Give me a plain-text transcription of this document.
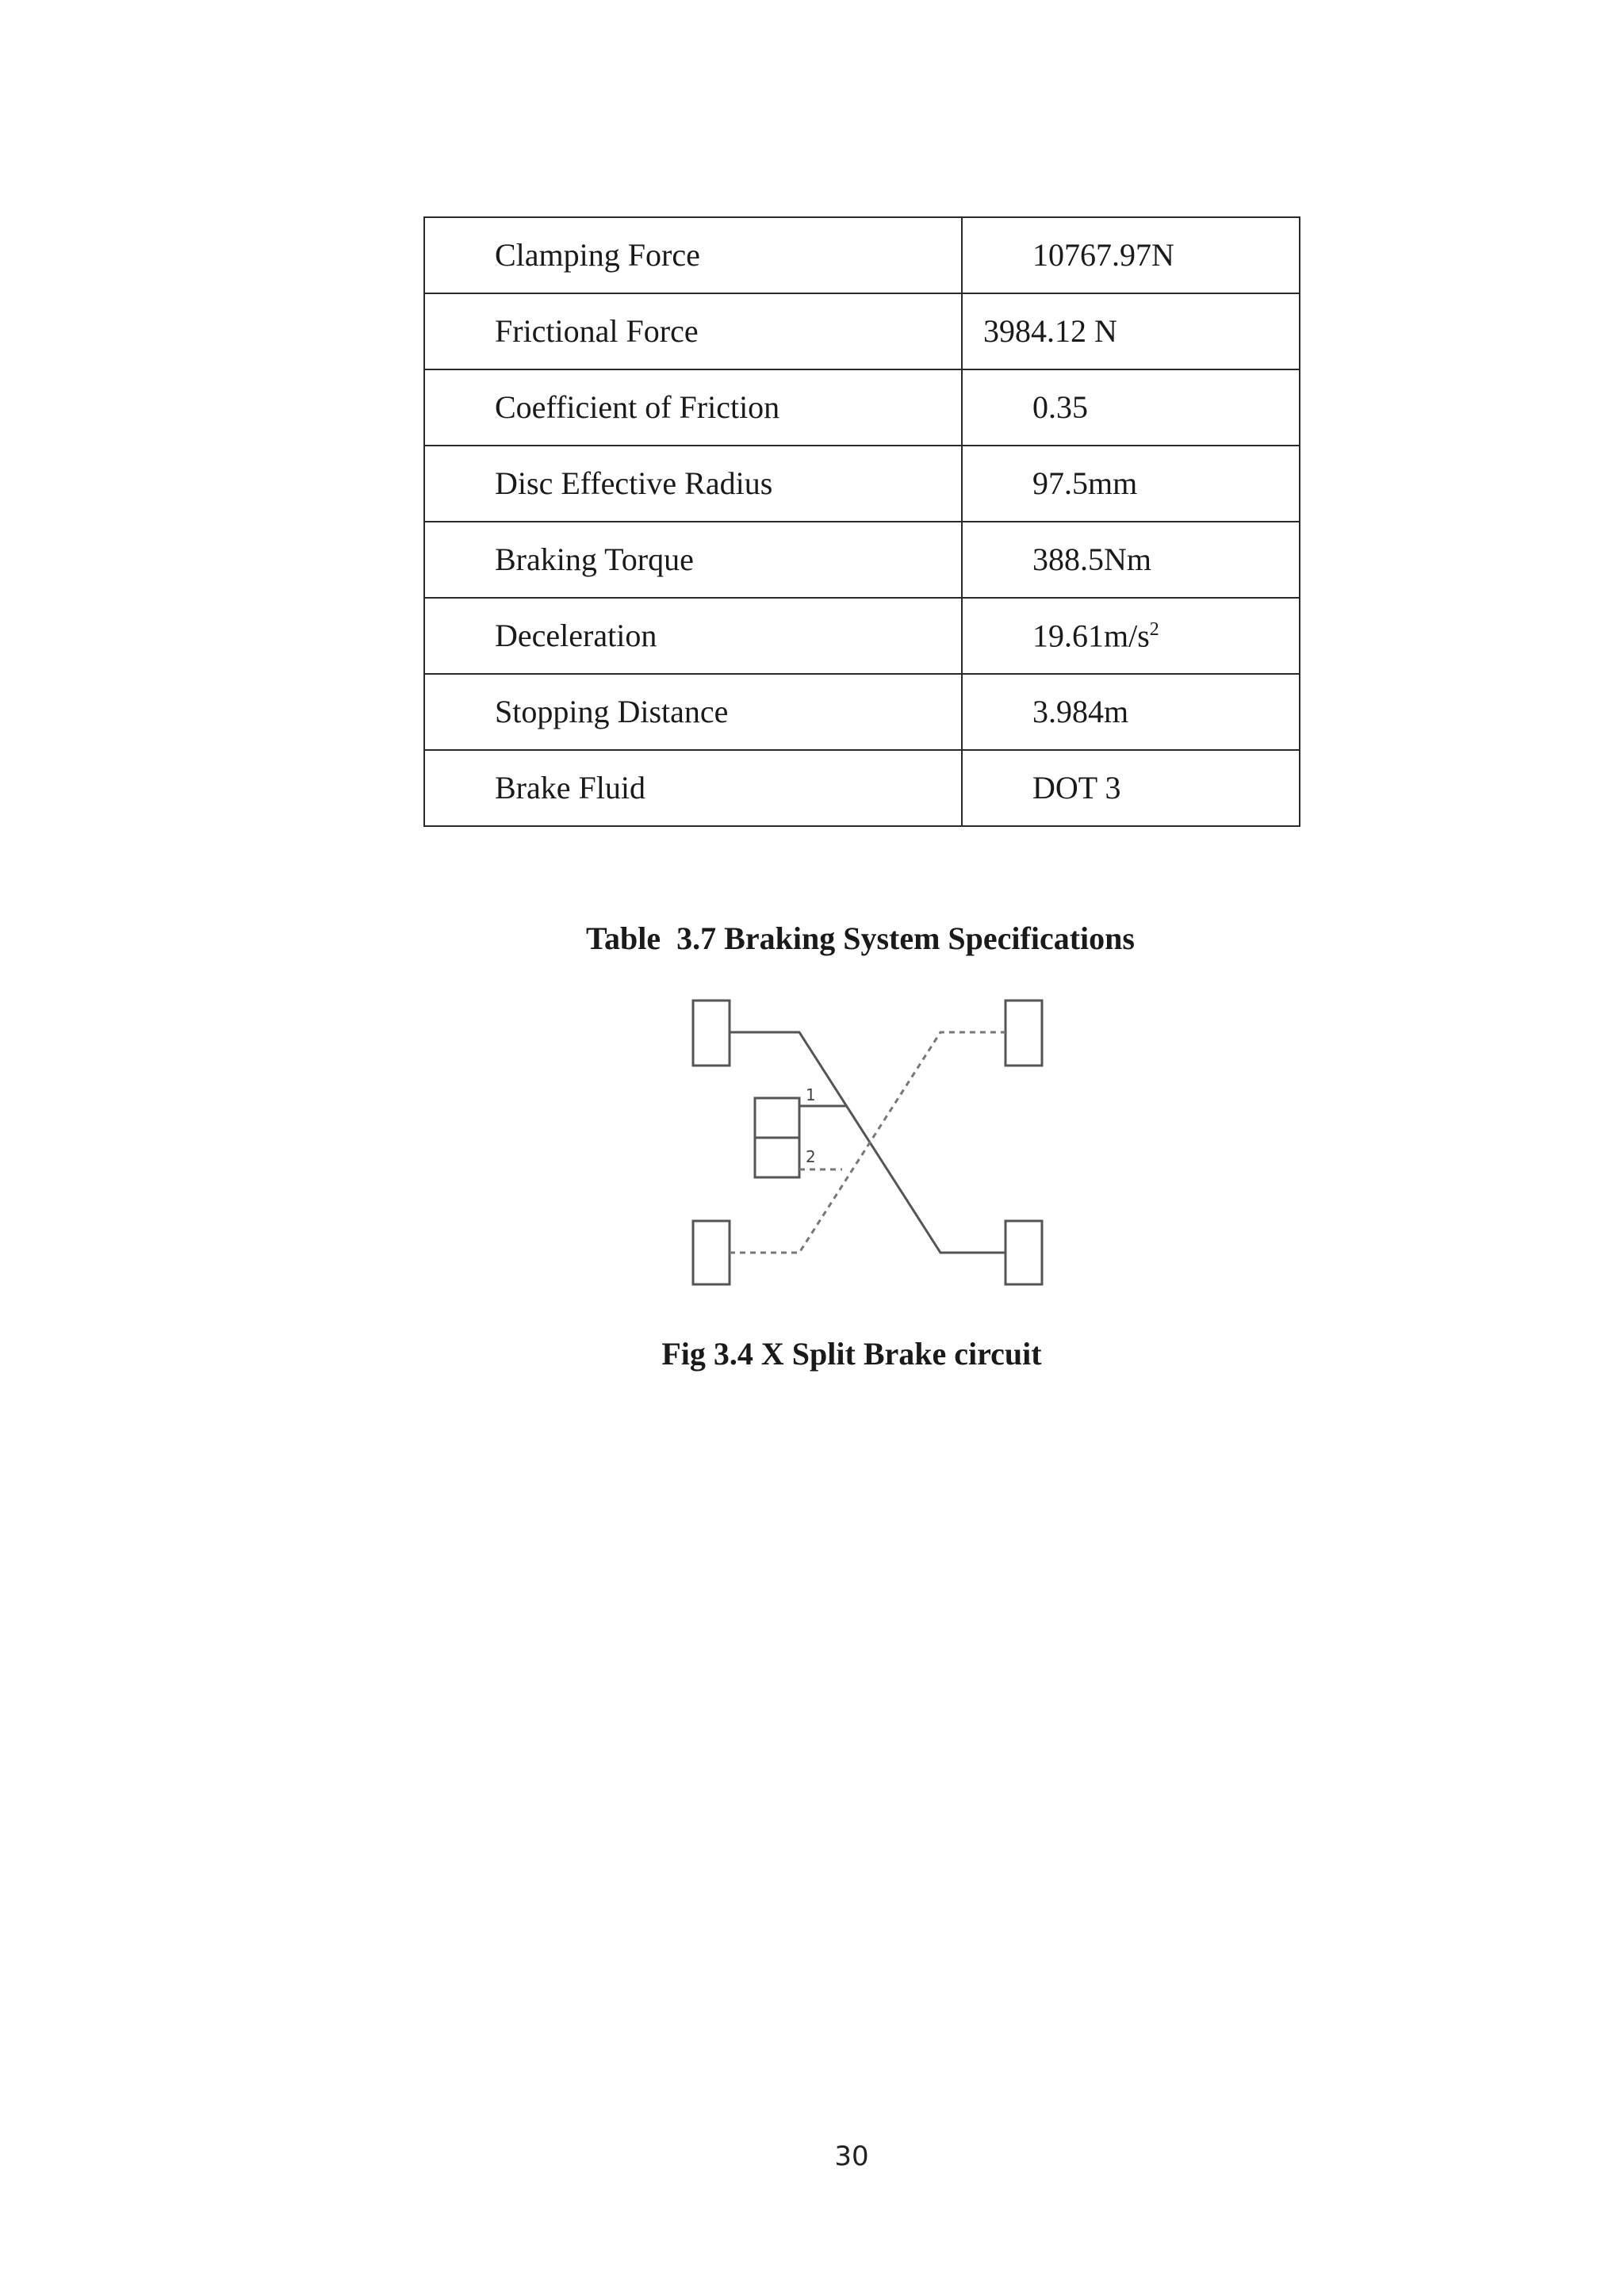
Clamping Force	10767.97N
Frictional Force	3984.12 N
Coefficient of Friction	0.35
Disc Effective Radius	97.5mm
Braking Torque	388.5Nm
Deceleration	$19.61m/s^2$
Stopping Distance	3.984m
Brake Fluid	DOT 3
Table  3.7 Braking System Specifications
1
2
Fig 3.4 X Split Brake circuit
30
